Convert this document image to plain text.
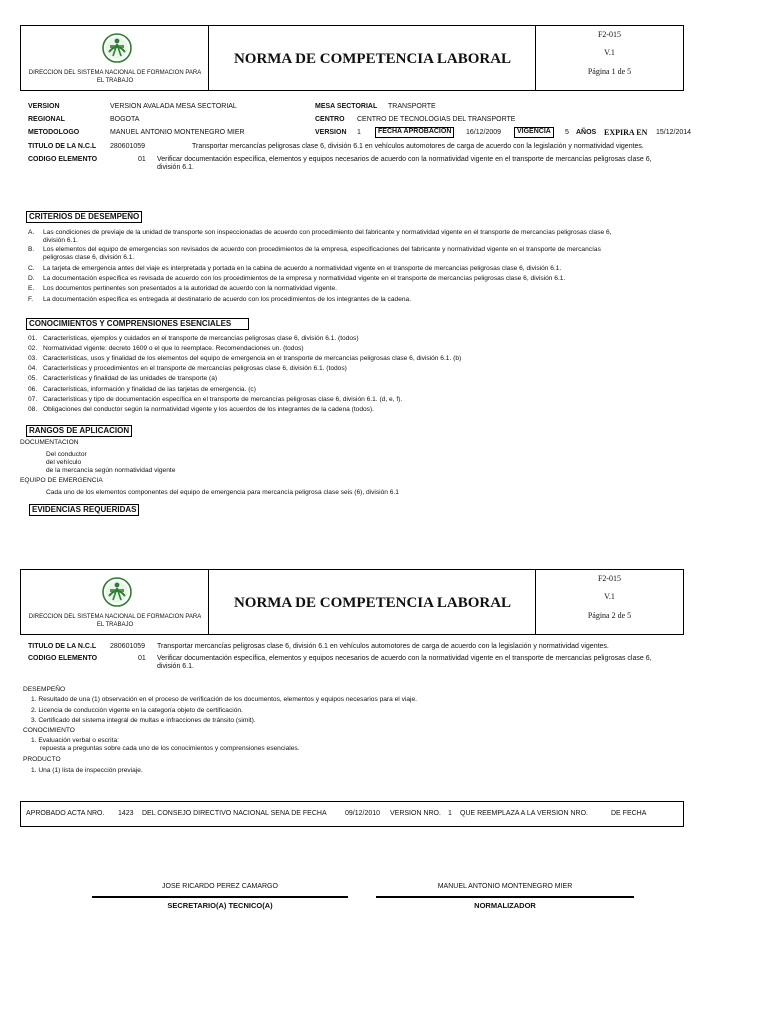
DIRECCION DEL SISTEMA NACIONAL DE FORMACION PARA EL TRABAJO
NORMA DE COMPETENCIA LABORAL
F2-015
V.1
Página 1 de 5
VERSION	VERSION AVALADA MESA SECTORIAL	MESA SECTORIAL TRANSPORTE
REGIONAL	BOGOTA	CENTRO CENTRO DE TECNOLOGIAS DEL TRANSPORTE
METODOLOGO	MANUEL ANTONIO MONTENEGRO MIER	VERSION 1	FECHA APROBACION	16/12/2009	VIGENCIA	5 AÑOS EXPIRA EN 15/12/2014
TITULO DE LA N.C.L 280601059	Transportar mercancías peligrosas clase 6, división 6.1 en vehículos automotores de carga de acuerdo con la legislación y normatividad vigentes.
CODIGO ELEMENTO	01 Verificar documentación específica, elementos y equipos necesarios de acuerdo con la normatividad vigente en el transporte de mercancías peligrosas clase 6,
división 6.1.
CRITERIOS DE DESEMPEÑO
A. Las condiciones de previaje de la unidad de transporte son inspeccionadas de acuerdo con procedimiento del fabricante y normatividad vigente en el transporte de mercancías peligrosas clase 6,
división 6.1.
B. Los elementos del equipo de emergencias son revisados de acuerdo con procedimientos de la empresa, especificaciones del fabricante y normatividad vigente en el transporte de mercancías
peligrosas clase 6, división 6.1.
C. La tarjeta de emergencia antes del viaje es interpretada y portada en la cabina de acuerdo a normatividad vigente en el transporte de mercancías peligrosas clase 6, división 6.1.
D. La documentación específica es revisada de acuerdo con los procedimientos de la empresa y normatividad vigente en el transporte de mercancías peligrosas clase 6, división 6.1.
E. Los documentos pertinentes son presentados a la autoridad de acuerdo con la normatividad vigente.
F. La documentación específica es entregada al destinatario de acuerdo con los procedimientos de los integrantes de la cadena.
CONOCIMIENTOS Y COMPRENSIONES ESENCIALES
01. Características, ejemplos y cuidados en el transporte de mercancías peligrosas clase 6, división 6.1. (todos)
02. Normatividad vigente: decreto 1609 o el que lo reemplace. Recomendaciones un. (todos)
03. Características, usos y finalidad de los elementos del equipo de emergencia en el transporte de mercancías peligrosas clase 6, división 6.1. (b)
04. Características y procedimientos en el transporte de mercancías peligrosas clase 6, división 6.1. (todos)
05. Características y finalidad de las unidades de transporte (a)
06. Características, información y finalidad de las tarjetas de emergencia. (c)
07. Características y tipo de documentación específica en el transporte de mercancías peligrosas clase 6, división 6.1. (d, e, f).
08. Obligaciones del conductor según la normatividad vigente y los acuerdos de los integrantes de la cadena (todos).
RANGOS DE APLICACION
DOCUMENTACION
Del conductor
del vehículo
de la mercancía según normatividad vigente
EQUIPO DE EMERGENCIA
Cada uno de los elementos componentes del equipo de emergencia para mercancía peligrosa clase seis (6), división 6.1
EVIDENCIAS REQUERIDAS
DIRECCION DEL SISTEMA NACIONAL DE FORMACION PARA EL TRABAJO
NORMA DE COMPETENCIA LABORAL
F2-015
V.1
Página 2 de 5
TITULO DE LA N.C.L 280601059 Transportar mercancías peligrosas clase 6, división 6.1 en vehículos automotores de carga de acuerdo con la legislación y normatividad vigentes.
CODIGO ELEMENTO	01 Verificar documentación específica, elementos y equipos necesarios de acuerdo con la normatividad vigente en el transporte de mercancías peligrosas clase 6,
división 6.1.
DESEMPEÑO
1. Resultado de una (1) observación en el proceso de verificación de los documentos, elementos y equipos necesarios para el viaje.
2. Licencia de conducción vigente en la categoría objeto de certificación.
3. Certificado del sistema integral de multas e infracciones de tránsito (simit).
CONOCIMIENTO
1. Evaluación verbal o escrita:
repuesta a preguntas sobre cada uno de los conocimientos y comprensiones esenciales.
PRODUCTO
1. Una (1) lista de inspección previaje.
APROBADO ACTA NRO. 1423 DEL CONSEJO DIRECTIVO NACIONAL SENA DE FECHA	09/12/2010 VERSION NRO. 1 QUE REEMPLAZA A LA VERSION NRO.	DE FECHA
JOSE RICARDO PEREZ CAMARGO
SECRETARIO(A) TECNICO(A)
MANUEL ANTONIO MONTENEGRO MIER
NORMALIZADOR
